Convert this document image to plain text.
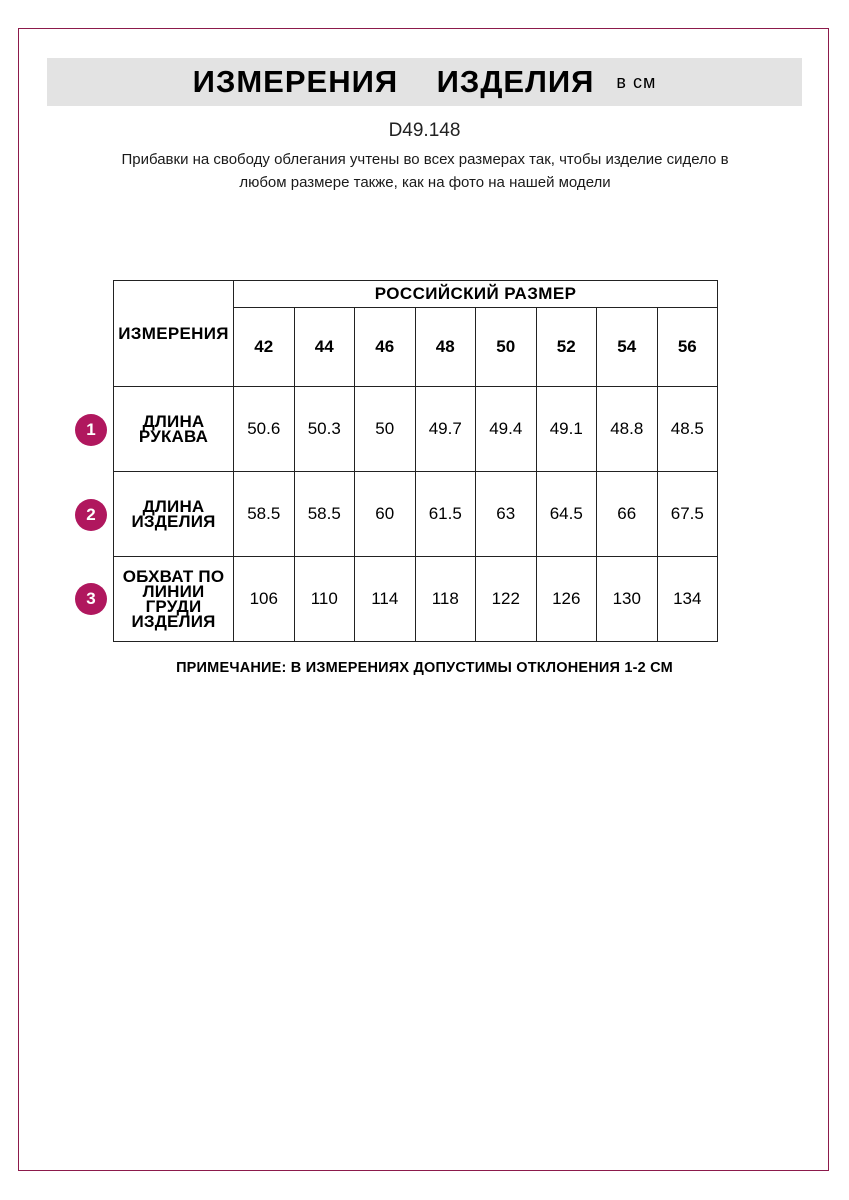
ИЗМЕРЕНИЯ    ИЗДЕЛИЯ в см
D49.148
Прибавки на свободу облегания учтены во всех размерах так, чтобы изделие сидело в любом размере также, как на фото на нашей модели
ИЗМЕРЕНИЯ	РОССИЙСКИЙ РАЗМЕР							
	42	44	46	48	50	52	54	56
ДЛИНА РУКАВА	50.6	50.3	50	49.7	49.4	49.1	48.8	48.5
ДЛИНА ИЗДЕЛИЯ	58.5	58.5	60	61.5	63	64.5	66	67.5
ОБХВАТ ПО ЛИНИИ ГРУДИ ИЗДЕЛИЯ	106	110	114	118	122	126	130	134
1
2
3
ПРИМЕЧАНИЕ: В ИЗМЕРЕНИЯХ ДОПУСТИМЫ ОТКЛОНЕНИЯ 1-2 СМ
